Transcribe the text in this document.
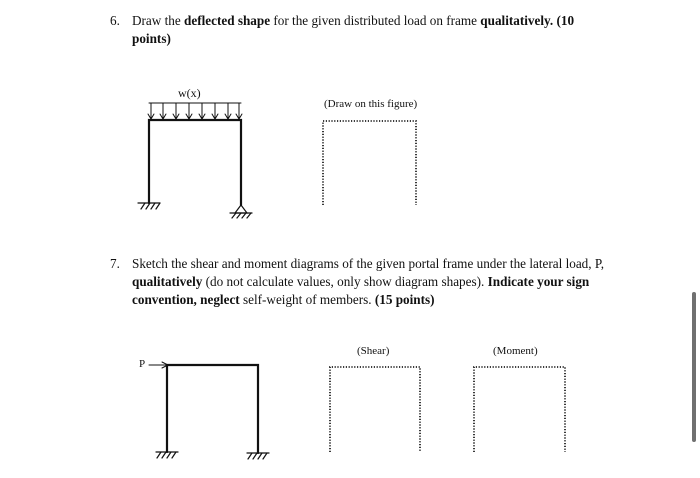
6. Draw the deflected shape for the given distributed load on frame qualitatively. (10 points)
w(x)
(Draw on this figure)
7. Sketch the shear and moment diagrams of the given portal frame under the lateral load, P, qualitatively (do not calculate values, only show diagram shapes). Indicate your sign convention, neglect self-weight of members. (15 points)
P
(Shear)	(Moment)
